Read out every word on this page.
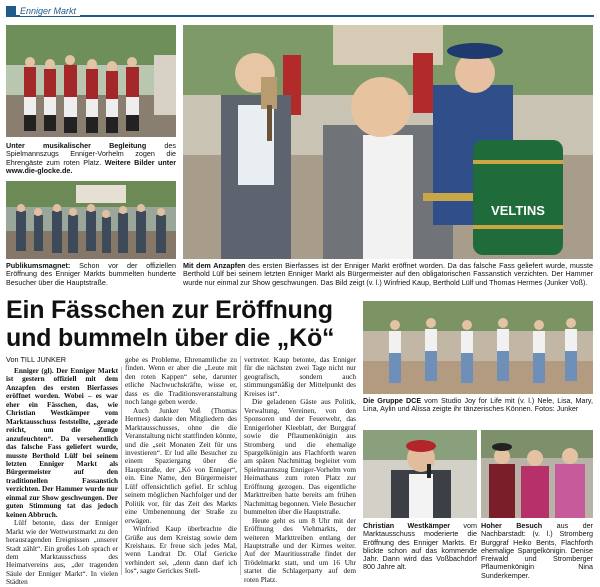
Enniger Markt
Unter musikalischer Begleitung des Spielmannszugs Enniger-Vorhelm zogen die Ehrengäste zum roten Platz. Weitere Bilder unter www.die-glocke.de.
Publikumsmagnet: Schon vor der offiziellen Eröffnung des Enniger Markts bummelten hunderte Besucher über die Hauptstraße.
VELTINS
Mit dem Anzapfen des ersten Bierfasses ist der Enniger Markt eröffnet worden. Da das falsche Fass geliefert wurde, musste Berthold Lülf bei seinem letzten Enniger Markt als Bürgermeister auf den obligatorischen Fassanstich verzichten. Der Hammer wurde nur einmal zur Show geschwungen. Das Bild zeigt (v. l.) Winfried Kaup, Berthold Lülf und Thomas Hermes (Junker Voß).
Ein Fässchen zur Eröffnung und bummeln über die „Kö“
Von TILL JUNKER

Enniger (gl). Der Enniger Markt ist gestern offiziell mit dem Anzapfen des ersten Bierfasses eröffnet worden. Wobei – es war eher ein Fässchen, das, wie Christian Westkämper vom Marktausschuss feststellte, „gerade reicht, um die Zunge anzufeuchten“. Da versehentlich das falsche Fass geliefert wurde, musste Berthold Lülf bei seinem letzten Enniger Markt als Bürgermeister auf den traditionellen Fassanstich verzichten. Der Hammer wurde nur einmal zur Show geschwungen. Der guten Stimmung tat das jedoch keinen Abbruch.

Lülf betonte, dass der Enniger Markt wie der Wettwurstmarkt zu den herausragenden Ereignissen „unserer Stadt zählt“. Ein großes Lob sprach er dem Marktausschuss des Heimatvereins aus, „der tragenden Säule der Enniger Markt“. In vielen Städten

gebe es Probleme, Ehrenamtliche zu finden. Wenn er aber die „Leute mit den roten Kappen“ sehe, darunter etliche Nachwuchskräfte, wisse er, dass es die Traditionsveranstaltung noch lange geben werde.

Auch Junker Voß (Thomas Hermes) dankte den Mitgliedern des Marktausschusses, ohne die die Veranstaltung nicht stattfinden könnte, und die „seit Monaten Zeit für uns investieren“. Er lud alle Besucher zu einem Spaziergang über die Hauptstraße, der „Kö von Enniger“, ein. Eine Name, den Bürgermeister Lülf offensichtlich gefiel. Er schlug seinem möglichen Nachfolger und der Politik vor, für das Zeit des Markts eine Umbenennung der Straße zu erwägen.

Winfried Kaup überbrachte die Grüße aus dem Kreistag sowie dem Kreishaus. Er freue sich jedes Mal, wenn Landrat Dr. Olaf Gericke verhindert sei, „denn dann darf ich los“, sagte Gerickes Stell-

vertreter. Kaup betonte, das Enniger für die nächsten zwei Tage nicht nur geografisch, sondern auch stimmungsmäßig der Mittelpunkt des Kreises ist“.

Die geladenen Gäste aus Politik, Verwaltung, Vereinen, von den Sponsoren und der Feuerwehr, das Ennigerloher Kleeblatt, der Burggraf sowie die Pflaumenkönigin aus Stromberg und die ehemalige Spargelkönigin aus Flachforth waren am späten Nachmittag begleitet vom Spielmannszug Enniger-Vorhelm vom Heimathaus zum roten Platz zur Eröffnung gezogen. Das eigentliche Markttreiben hatte bereits am frühen Nachmittag begonnen. Viele Besucher bummelten über die Hauptstraße.

Heute geht es um 8 Uhr mit der Eröffnung des Viehmarkts, der weiteren Markttreiben entlang der Hauptstraße und der Kirmes weiter. Auf der Mauritiusstraße findet der Trödelmarkt statt, und um 16 Uhr startet die Schlagerparty auf dem roten Platz.

Die Gruppe DCE vom Studio Joy for Life mit (v. l.) Nele, Lisa, Mary, Lina, Aylin und Alissa zeigte ihr tänzerisches Können. Fotos: Junker
Christian Westkämper vom Marktausschuss moderierte die Eröffnung des Enniger Markts. Er blickte schon auf das kommende Jahr. Dann wird das Voßbachdorf 800 Jahre alt.
Hoher Besuch aus der Nachbarstadt: (v. l.) Stromberg Burggraf Heiko Bents, Flachforth ehemalige Spargelkönigin. Denise Freiwald und Stromberger Pflaumenkönigin Nina Sunderkemper.
